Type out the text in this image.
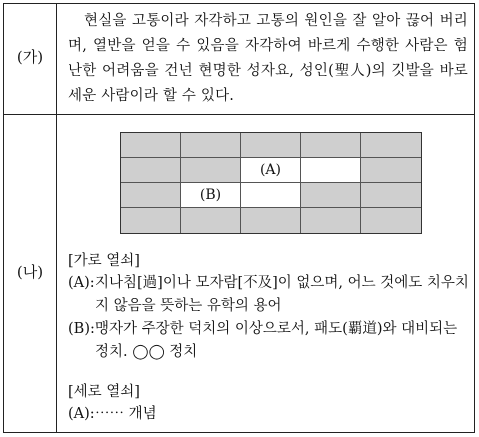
(가)

현실을 고통이라 자각하고 고통의 원인을 잘 알아 끊어 버리며, 열반을 얻을 수 있음을 자각하여 바르게 수행한 사람은 험난한 어려움을 건넌 현명한 성자요, 성인(聖人)의 깃발을 바로 세운 사람이라 할 수 있다.

(나)
(A)
(B)
[가로 열쇠]

(A): 지나침[過]이나 모자람[不及]이 없으며, 어느 것에도 치우치지 않음을 뜻하는 유학의 용어

(B): 맹자가 주장한 덕치의 이상으로서, 패도(覇道)와 대비되는 정치. ◯◯ 정치

[세로 열쇠]

(A): ⋯⋯ 개념
